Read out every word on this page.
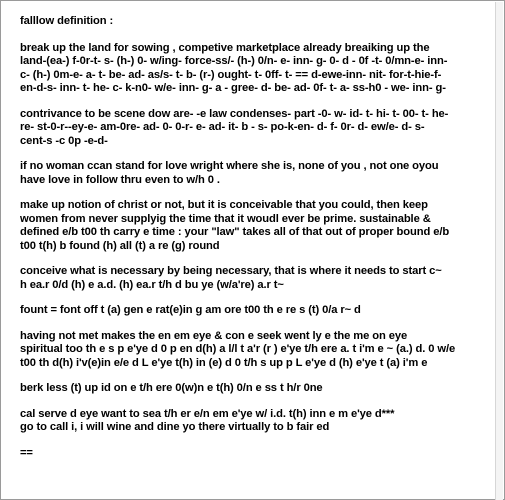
falllow definition :
break up the land for sowing , competive marketplace already breaiking up the
land-(ea-) f-0r-t- s- (h-) 0- w/ing- force-ss/- (h-) 0/n- e- inn- g- 0- d - 0f -t- 0/mn-e- inn-
c- (h-) 0m-e- a- t- be- ad- as/s- t- b- (r-) ought- t- 0ff- t- == d-ewe-inn- nit- for-t-hie-f-
en-d-s- inn- t- he- c- k-n0- w/e- inn- g- a - gree- d- be- ad- 0f- t- a- ss-h0 - we- inn- g-
contrivance to be scene dow are- -e law condenses- part -0- w- id- t- hi- t- 00- t- he-
re- st-0-r--ey-e- am-0re- ad- 0- 0-r- e- ad- it- b - s- po-k-en- d- f- 0r- d- ew/e- d- s-
cent-s -c 0p -e-d-
if no woman ccan stand for love wright where she is, none of you , not one oyou
have love in follow thru even to w/h 0 .
make up notion of christ or not, but it is conceivable that you could, then keep
women from never supplyig the time that it woudl ever be prime. sustainable &
defined e/b t00 th carry e time : your "law" takes all of that out of proper bound e/b
t00 t(h) b found (h) all (t) a re (g) round
conceive what is necessary by being necessary, that is where it needs to start c~
h ea.r 0/d (h) e a.d. (h) ea.r t/h d bu ye (w/a're) a.r t~
fount = font off t (a) gen e rat(e)in g am ore t00 th e re s (t) 0/a r~ d
having not met makes the en em eye & con e seek went ly e the me on eye
spiritual too th e s p e'ye d 0 p en d(h) a l/l t a'r (r ) e'ye t/h ere a. t i'm e ~ (a.) d. 0 w/e
t00 th d(h) i'v(e)in e/e d L e'ye t(h) in (e) d 0 t/h s up p L e'ye d (h) e'ye t (a) i'm e
berk less (t) up id on e t/h ere 0(w)n e t(h) 0/n e ss t h/r 0ne
cal serve d eye want to sea t/h er e/n em e'ye w/ i.d. t(h) inn e m e'ye d***
go to call i, i will wine and dine yo there virtually to b fair ed
==
